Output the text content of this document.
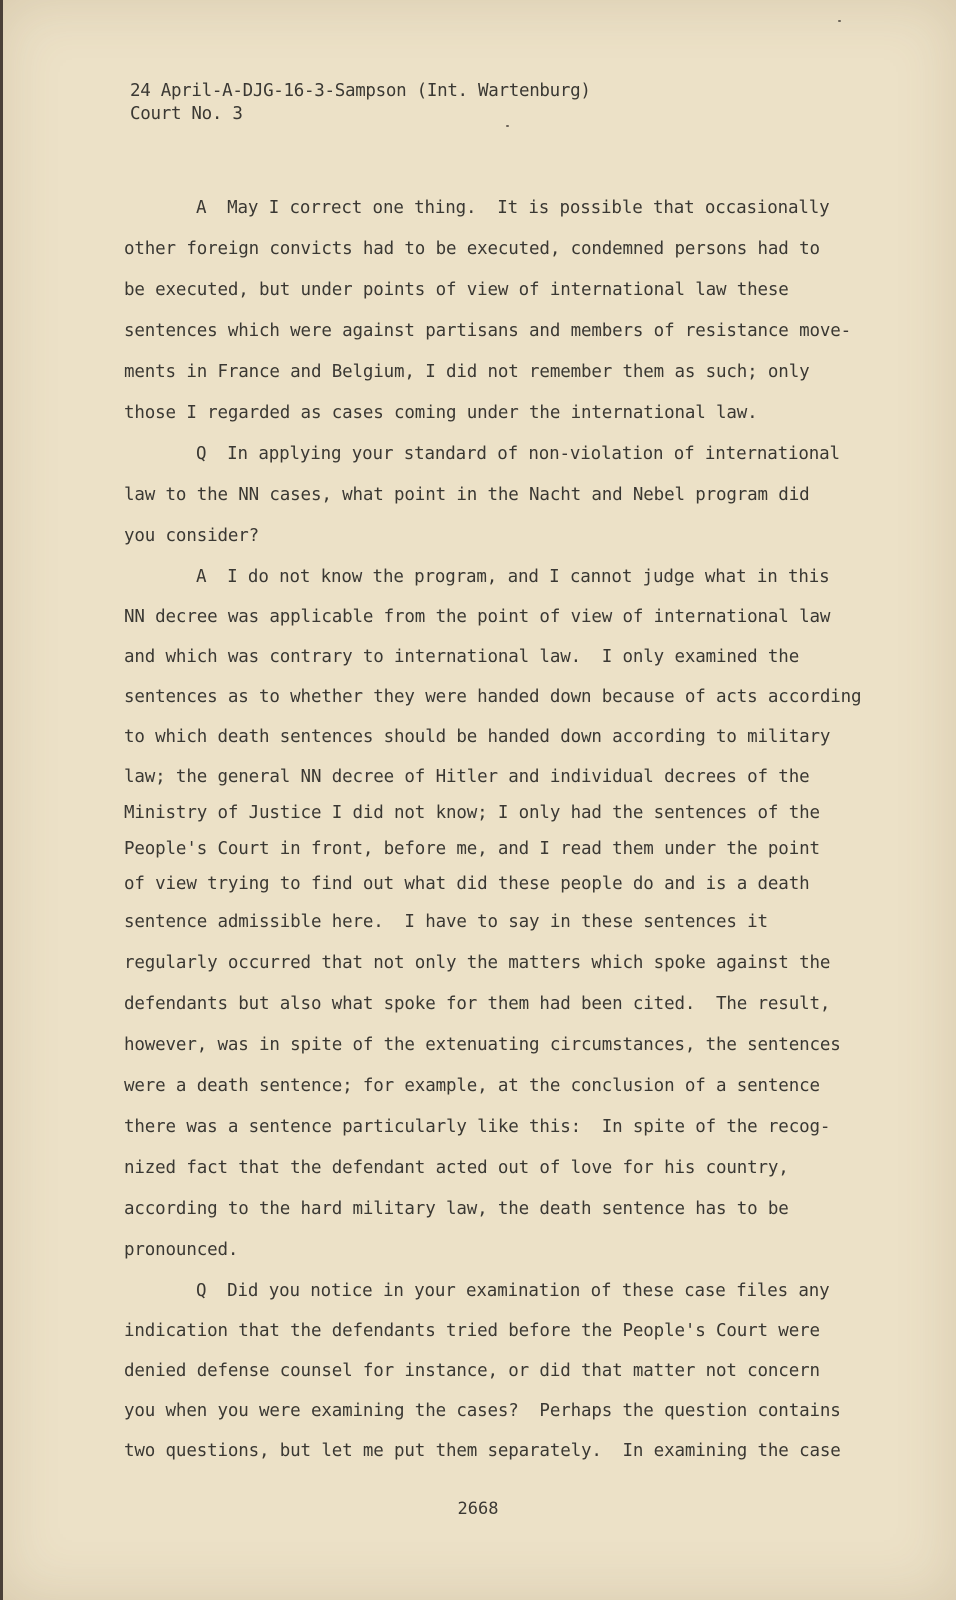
24 April-A-DJG-16-3-Sampson (Int. Wartenburg)
Court No. 3
A  May I correct one thing.  It is possible that occasionally
other foreign convicts had to be executed, condemned persons had to
be executed, but under points of view of international law these
sentences which were against partisans and members of resistance move-
ments in France and Belgium, I did not remember them as such; only
those I regarded as cases coming under the international law.
Q  In applying your standard of non-violation of international
law to the NN cases, what point in the Nacht and Nebel program did
you consider?
A  I do not know the program, and I cannot judge what in this
NN decree was applicable from the point of view of international law
and which was contrary to international law.  I only examined the
sentences as to whether they were handed down because of acts according
to which death sentences should be handed down according to military
law; the general NN decree of Hitler and individual decrees of the
Ministry of Justice I did not know; I only had the sentences of the
People's Court in front, before me, and I read them under the point
of view trying to find out what did these people do and is a death
sentence admissible here.  I have to say in these sentences it
regularly occurred that not only the matters which spoke against the
defendants but also what spoke for them had been cited.  The result,
however, was in spite of the extenuating circumstances, the sentences
were a death sentence; for example, at the conclusion of a sentence
there was a sentence particularly like this:  In spite of the recog-
nized fact that the defendant acted out of love for his country,
according to the hard military law, the death sentence has to be
pronounced.
Q  Did you notice in your examination of these case files any
indication that the defendants tried before the People's Court were
denied defense counsel for instance, or did that matter not concern
you when you were examining the cases?  Perhaps the question contains
two questions, but let me put them separately.  In examining the case
2668
